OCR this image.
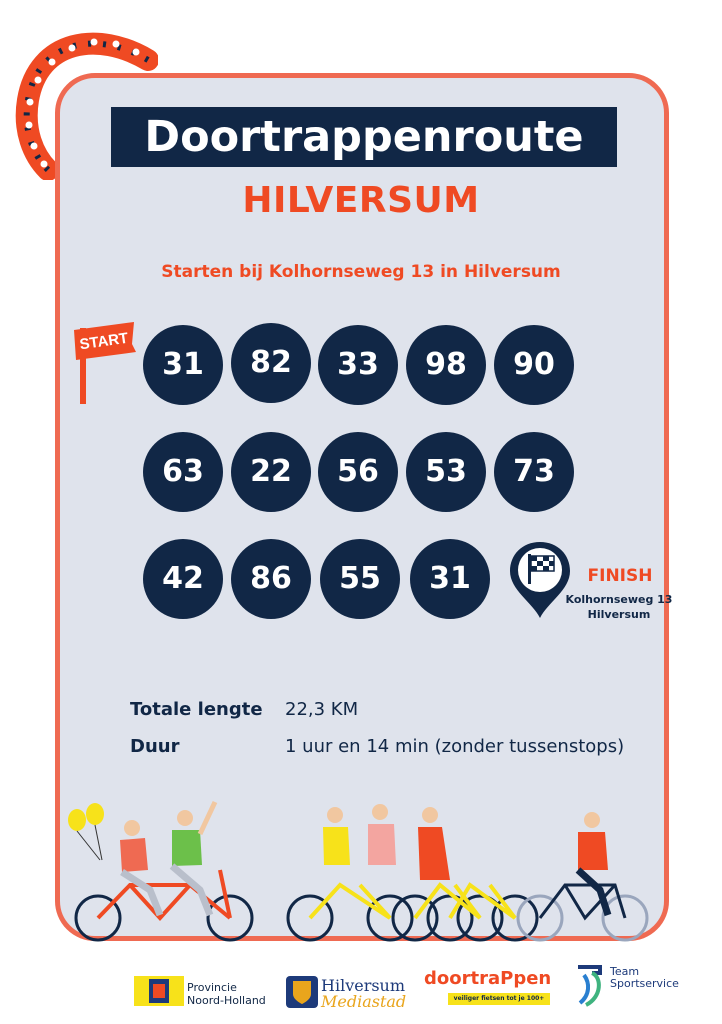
Doortrappenroute
HILVERSUM
Starten bij Kolhornseweg 13 in Hilversum
START
31	82	33	98	90
63	22	56	53	73
42	86	55	31	FINISH
Kolhornseweg 13
Hilversum
Totale lengte 22,3 KM
Duur	1 uur en 14 min (zonder tussenstops)
Provincie
Noord-Holland
Hilversum
Mediastad
doortraPpen
veiliger fietsen tot je 100+
Team
Sportservice
